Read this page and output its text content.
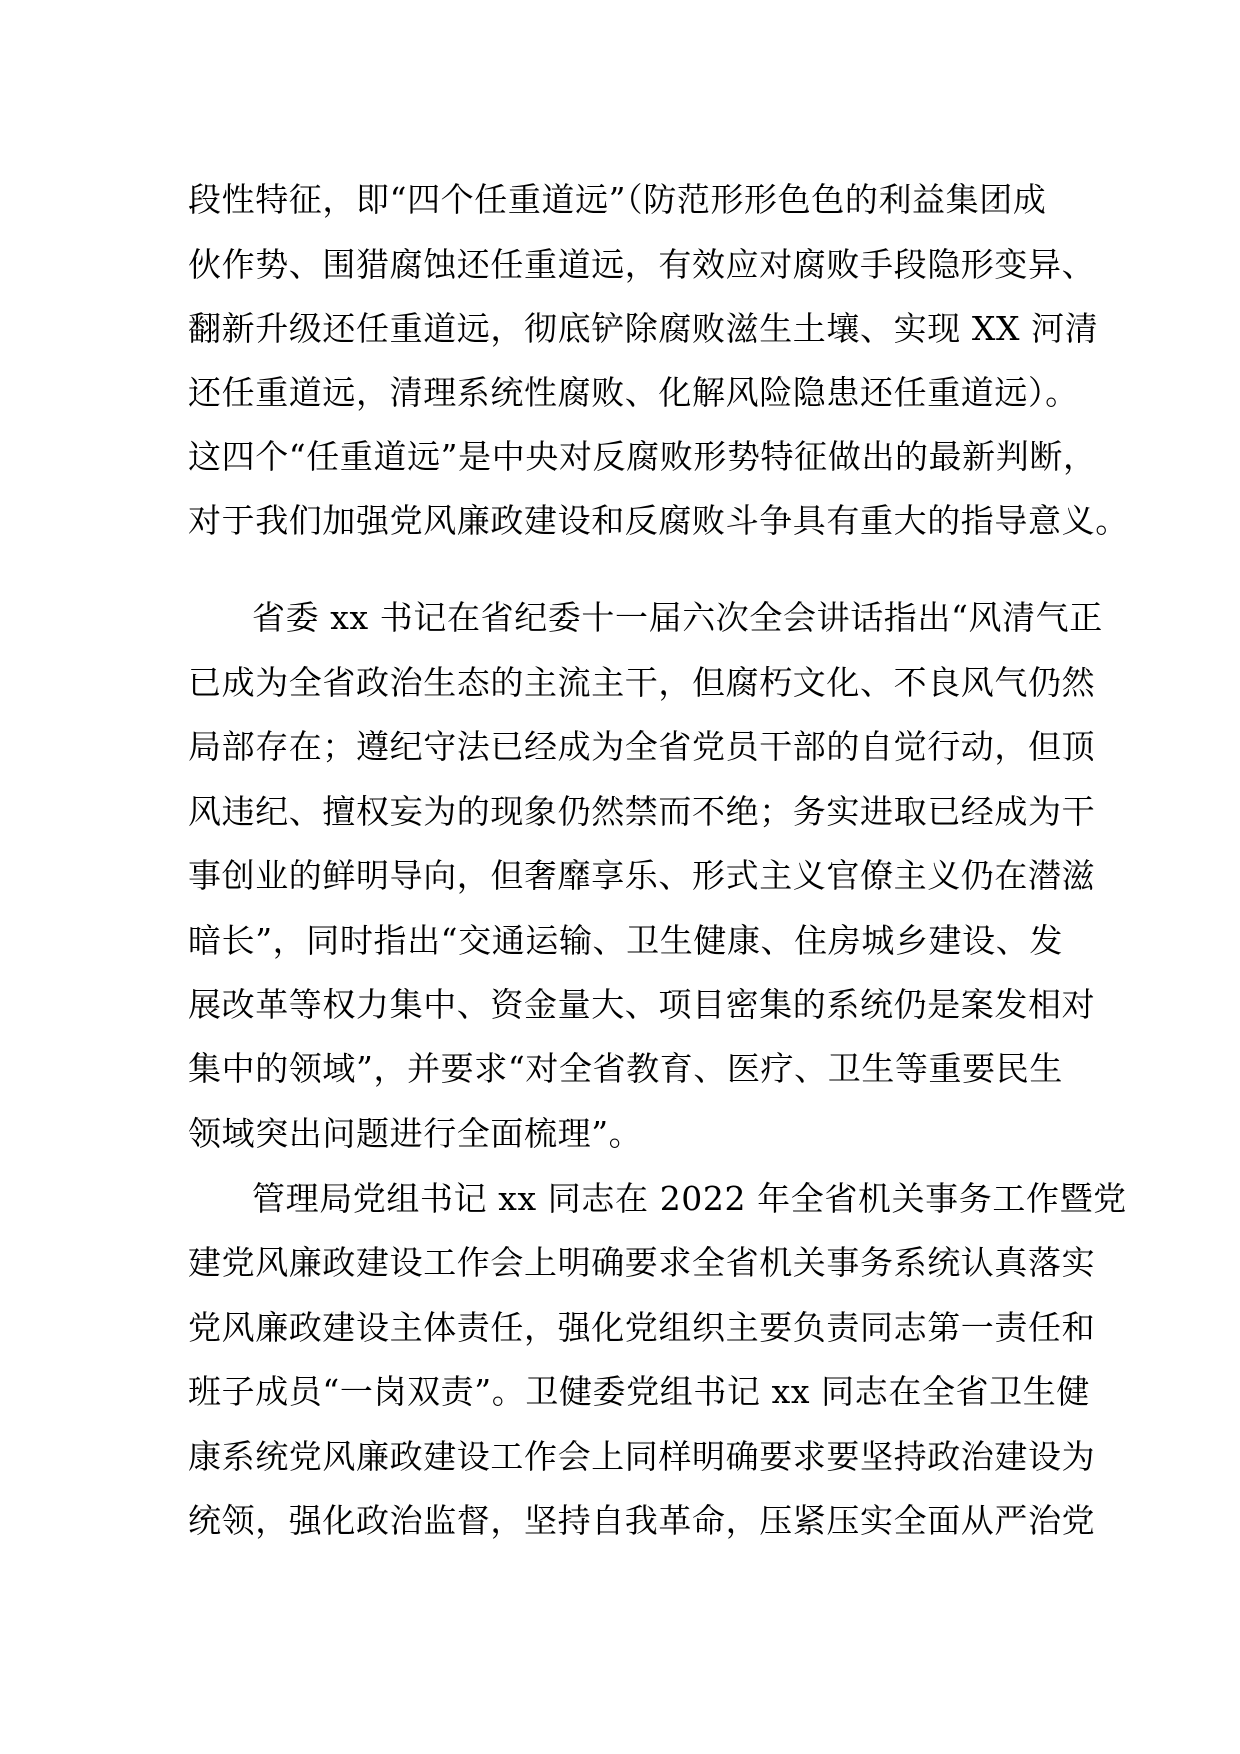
段性特征，即“四个任重道远”（防范形形色色的利益集团成
伙作势、围猎腐蚀还任重道远，有效应对腐败手段隐形变异、
翻新升级还任重道远，彻底铲除腐败滋生土壤、实现 XX 河清
还任重道远，清理系统性腐败、化解风险隐患还任重道远）。
这四个“任重道远”是中央对反腐败形势特征做出的最新判断，
对于我们加强党风廉政建设和反腐败斗争具有重大的指导意义。
省委 xx 书记在省纪委十一届六次全会讲话指出“风清气正
已成为全省政治生态的主流主干，但腐朽文化、不良风气仍然
局部存在；遵纪守法已经成为全省党员干部的自觉行动，但顶
风违纪、擅权妄为的现象仍然禁而不绝；务实进取已经成为干
事创业的鲜明导向，但奢靡享乐、形式主义官僚主义仍在潜滋
暗长”，同时指出“交通运输、卫生健康、住房城乡建设、发
展改革等权力集中、资金量大、项目密集的系统仍是案发相对
集中的领域”，并要求“对全省教育、医疗、卫生等重要民生
领域突出问题进行全面梳理”。
管理局党组书记 xx 同志在 2022 年全省机关事务工作暨党
建党风廉政建设工作会上明确要求全省机关事务系统认真落实
党风廉政建设主体责任，强化党组织主要负责同志第一责任和
班子成员“一岗双责”。卫健委党组书记 xx 同志在全省卫生健
康系统党风廉政建设工作会上同样明确要求要坚持政治建设为
统领，强化政治监督，坚持自我革命，压紧压实全面从严治党
